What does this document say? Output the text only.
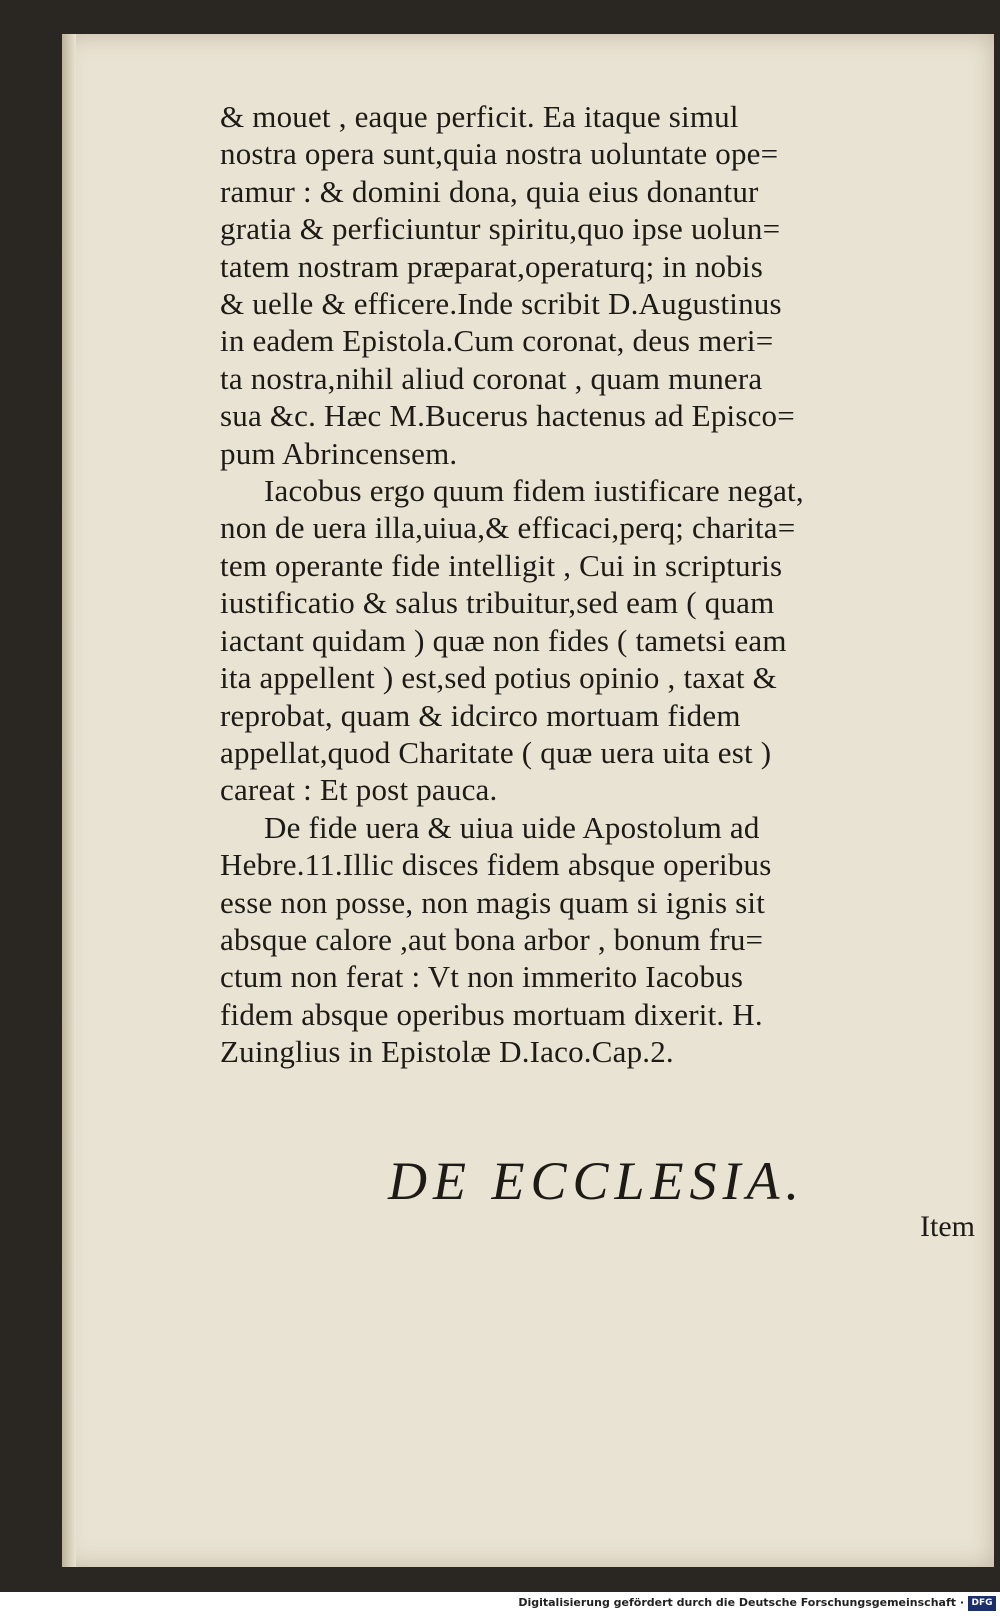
& mouet , eaque perficit. Ea itaque simul
nostra opera sunt,quia nostra uoluntate ope=
ramur : & domini dona, quia eius donantur
gratia & perficiuntur spiritu,quo ipse uolun=
tatem nostram præparat,operaturq; in nobis
& uelle & efficere.Inde scribit D.Augustinus
in eadem Epistola.Cum coronat, deus meri=
ta nostra,nihil aliud coronat , quam munera
sua &c. Hæc M.Bucerus hactenus ad Episco=
pum Abrincensem.
Iacobus ergo quum fidem iustificare negat,
non de uera illa,uiua,& efficaci,perq; charita=
tem operante fide intelligit , Cui in scripturis
iustificatio & salus tribuitur,sed eam ( quam
iactant quidam ) quæ non fides ( tametsi eam
ita appellent ) est,sed potius opinio , taxat &
reprobat, quam & idcirco mortuam fidem
appellat,quod Charitate ( quæ uera uita est )
careat : Et post pauca.
De fide uera & uiua uide Apostolum ad
Hebre.11.Illic disces fidem absque operibus
esse non posse, non magis quam si ignis sit
absque calore ,aut bona arbor , bonum fru=
ctum non ferat : Vt non immerito Iacobus
fidem absque operibus mortuam dixerit. H.
Zuinglius in Epistolæ D.Iaco.Cap.2.
DE ECCLESIA.
Item
Digitalisierung gefördert durch die Deutsche Forschungsgemeinschaft · DFG
